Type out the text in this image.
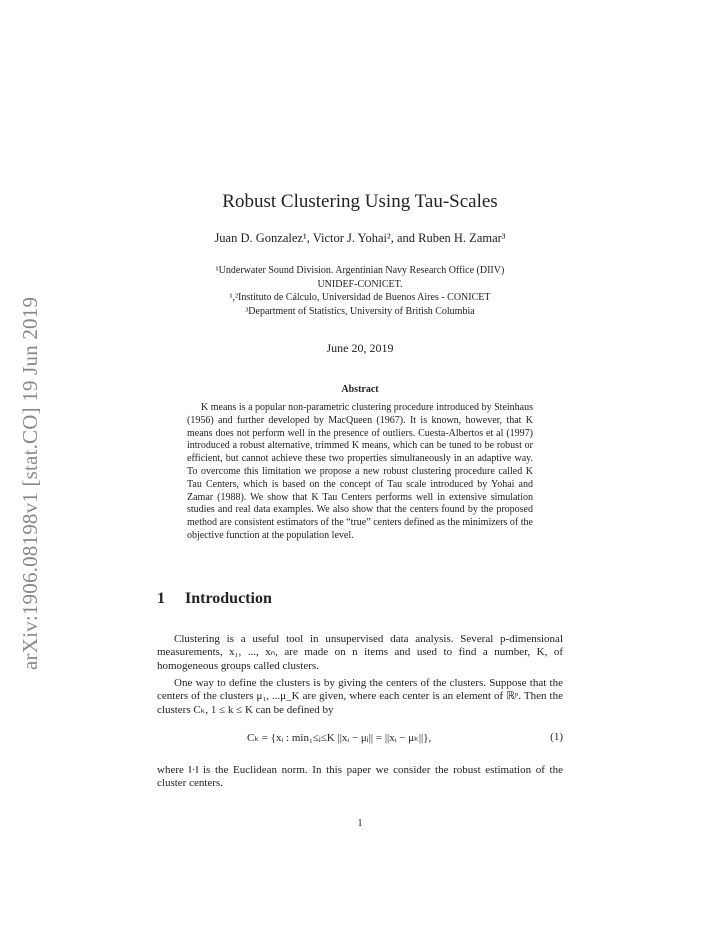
arXiv:1906.08198v1 [stat.CO] 19 Jun 2019
Robust Clustering Using Tau-Scales
Juan D. Gonzalez¹, Victor J. Yohai², and Ruben H. Zamar³
¹Underwater Sound Division. Argentinian Navy Research Office (DIIV)
UNIDEF-CONICET.
¹,²Instituto de Cálculo, Universidad de Buenos Aires - CONICET
³Department of Statistics, University of British Columbia
June 20, 2019
Abstract
K means is a popular non-parametric clustering procedure introduced by Steinhaus (1956) and further developed by MacQueen (1967). It is known, however, that K means does not perform well in the presence of outliers. Cuesta-Albertos et al (1997) introduced a robust alternative, trimmed K means, which can be tuned to be robust or efficient, but cannot achieve these two properties simultaneously in an adaptive way. To overcome this limitation we propose a new robust clustering procedure called K Tau Centers, which is based on the concept of Tau scale introduced by Yohai and Zamar (1988). We show that K Tau Centers performs well in extensive simulation studies and real data examples. We also show that the centers found by the proposed method are consistent estimators of the “true” centers defined as the minimizers of the objective function at the population level.
1 Introduction
Clustering is a useful tool in unsupervised data analysis. Several p-dimensional measurements, x₁, ..., xₙ, are made on n items and used to find a number, K, of homogeneous groups called clusters.
One way to define the clusters is by giving the centers of the clusters. Suppose that the centers of the clusters μ₁, ...μ_K are given, where each center is an element of ℝᵖ. Then the clusters Cₖ, 1 ≤ k ≤ K can be defined by
Cₖ = {xᵢ : min₁≤ⱼ≤K ||xᵢ − μⱼ|| = ||xᵢ − μₖ||},	(1)
where ‖·‖ is the Euclidean norm. In this paper we consider the robust estimation of the cluster centers.
1
